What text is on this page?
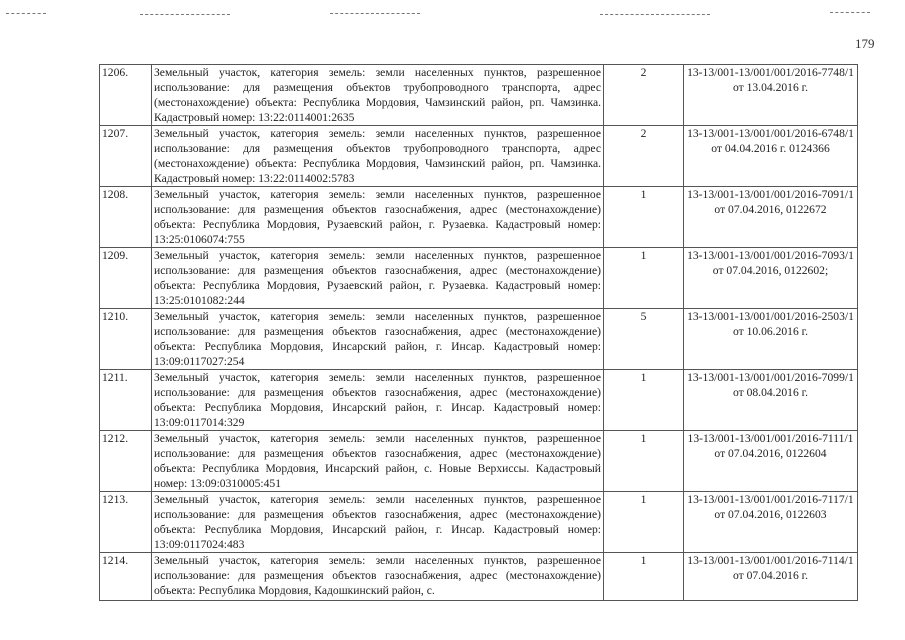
179
1206.	Земельный участок, категория земель: земли населенных пунктов, разрешенное использование: для размещения объектов трубопроводного транспорта, адрес (местонахождение) объекта: Республика Мордовия, Чамзинский район, рп. Чамзинка. Кадастровый номер: 13:22:0114001:2635	2	13-13/001-13/001/001/2016-7748/1 от 13.04.2016 г.
1207.	Земельный участок, категория земель: земли населенных пунктов, разрешенное использование: для размещения объектов трубопроводного транспорта, адрес (местонахождение) объекта: Республика Мордовия, Чамзинский район, рп. Чамзинка. Кадастровый номер: 13:22:0114002:5783	2	13-13/001-13/001/001/2016-6748/1 от 04.04.2016 г. 0124366
1208.	Земельный участок, категория земель: земли населенных пунктов, разрешенное использование: для размещения объектов газоснабжения, адрес (местонахождение) объекта: Республика Мордовия, Рузаевский район, г. Рузаевка. Кадастровый номер: 13:25:0106074:755	1	13-13/001-13/001/001/2016-7091/1 от 07.04.2016, 0122672
1209.	Земельный участок, категория земель: земли населенных пунктов, разрешенное использование: для размещения объектов газоснабжения, адрес (местонахождение) объекта: Республика Мордовия, Рузаевский район, г. Рузаевка. Кадастровый номер: 13:25:0101082:244	1	13-13/001-13/001/001/2016-7093/1 от 07.04.2016, 0122602;
1210.	Земельный участок, категория земель: земли населенных пунктов, разрешенное использование: для размещения объектов газоснабжения, адрес (местонахождение) объекта: Республика Мордовия, Инсарский район, г. Инсар. Кадастровый номер: 13:09:0117027:254	5	13-13/001-13/001/001/2016-2503/1 от 10.06.2016 г.
1211.	Земельный участок, категория земель: земли населенных пунктов, разрешенное использование: для размещения объектов газоснабжения, адрес (местонахождение) объекта: Республика Мордовия, Инсарский район, г. Инсар. Кадастровый номер: 13:09:0117014:329	1	13-13/001-13/001/001/2016-7099/1 от 08.04.2016 г.
1212.	Земельный участок, категория земель: земли населенных пунктов, разрешенное использование: для размещения объектов газоснабжения, адрес (местонахождение) объекта: Республика Мордовия, Инсарский район, с. Новые Верхиссы. Кадастровый номер: 13:09:0310005:451	1	13-13/001-13/001/001/2016-7111/1 от 07.04.2016, 0122604
1213.	Земельный участок, категория земель: земли населенных пунктов, разрешенное использование: для размещения объектов газоснабжения, адрес (местонахождение) объекта: Республика Мордовия, Инсарский район, г. Инсар. Кадастровый номер: 13:09:0117024:483	1	13-13/001-13/001/001/2016-7117/1 от 07.04.2016, 0122603
1214.	Земельный участок, категория земель: земли населенных пунктов, разрешенное использование: для размещения объектов газоснабжения, адрес (местонахождение) объекта: Республика Мордовия, Кадошкинский район, с.	1	13-13/001-13/001/001/2016-7114/1 от 07.04.2016 г.
